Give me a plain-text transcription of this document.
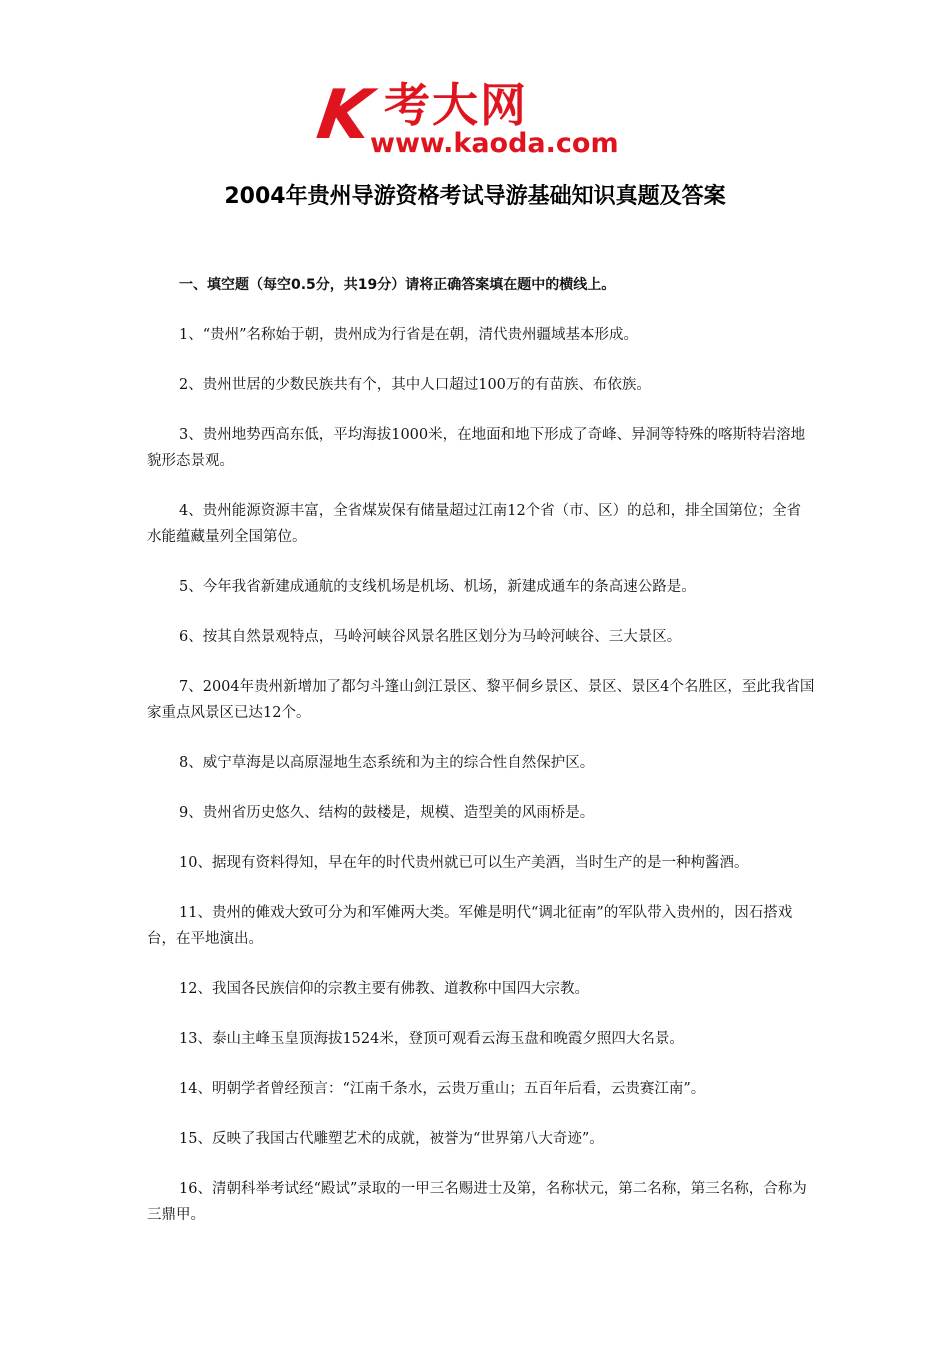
K 考大网
www.kaoda.com
2004年贵州导游资格考试导游基础知识真题及答案

一、填空题（每空0.5分，共19分）请将正确答案填在题中的横线上。

1、“贵州”名称始于朝，贵州成为行省是在朝，清代贵州疆域基本形成。

2、贵州世居的少数民族共有个，其中人口超过100万的有苗族、布依族。

3、贵州地势西高东低，平均海拔1000米，在地面和地下形成了奇峰、异洞等特殊的喀斯特岩溶地貌形态景观。

4、贵州能源资源丰富，全省煤炭保有储量超过江南12个省（市、区）的总和，排全国第位；全省水能蕴藏量列全国第位。

5、今年我省新建成通航的支线机场是机场、机场，新建成通车的条高速公路是。

6、按其自然景观特点，马岭河峡谷风景名胜区划分为马岭河峡谷、三大景区。

7、2004年贵州新增加了都匀斗篷山剑江景区、黎平侗乡景区、景区、景区4个名胜区，至此我省国家重点风景区已达12个。

8、威宁草海是以高原湿地生态系统和为主的综合性自然保护区。

9、贵州省历史悠久、结构的鼓楼是，规模、造型美的风雨桥是。

10、据现有资料得知，早在年的时代贵州就已可以生产美酒，当时生产的是一种枸酱酒。

11、贵州的傩戏大致可分为和军傩两大类。军傩是明代“调北征南”的军队带入贵州的，因石搭戏台，在平地演出。

12、我国各民族信仰的宗教主要有佛教、道教称中国四大宗教。

13、泰山主峰玉皇顶海拔1524米，登顶可观看云海玉盘和晚霞夕照四大名景。

14、明朝学者曾经预言：“江南千条水，云贵万重山；五百年后看，云贵赛江南”。

15、反映了我国古代雕塑艺术的成就，被誉为“世界第八大奇迹”。

16、清朝科举考试经“殿试”录取的一甲三名赐进士及第，名称状元，第二名称，第三名称，合称为三鼎甲。
